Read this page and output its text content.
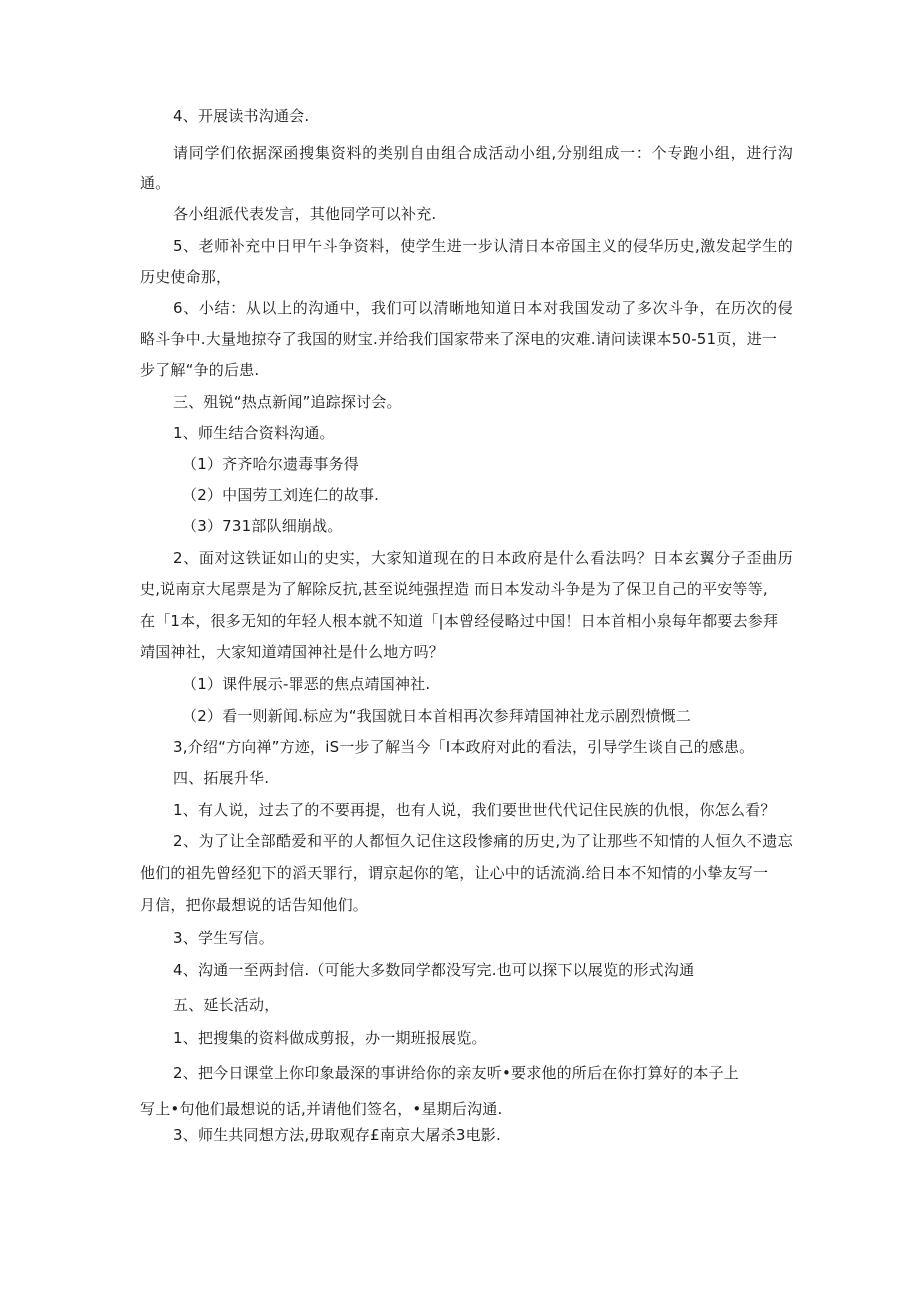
4、开展读书沟通会.
请同学们依据深函搜集资料的类别自由组合成活动小组,分别组成一：个专跑小组，进行沟
通。
各小组派代表发言，其他同学可以补充.
5、老师补充中日甲午斗争资料，使学生进一步认清日本帝国主义的侵华历史,激发起学生的
历史使命那，
6、小结：从以上的沟通中，我们可以清晰地知道日本对我国发动了多次斗争，在历次的侵
略斗争中.大量地掠夺了我国的财宝.并给我们国家带来了深电的灾难.请问读课本50-51页，进一
步了解“争的后患.
三、殂锐“热点新闻”追踪探讨会。
1、师生结合资料沟通。
（1）齐齐哈尔遗毒事务得
（2）中国劳工刘连仁的故事.
（3）731部队细崩战。
2、面对这铁证如山的史实，大家知道现在的日本政府是什么看法吗？日本玄翼分子歪曲历
史,说南京大尾票是为了解除反抗,甚至说纯强捏造 而日本发动斗争是为了保卫自己的平安等等,
在「1本，很多无知的年轻人根本就不知道「|本曾经侵略过中国！日本首相小泉每年都要去参拜
靖国神社，大家知道靖国神社是什么地方吗？
（1）课件展示-罪恶的焦点靖国神社.
（2）看一则新闻.标应为“我国就日本首相再次参拜靖国神社龙示剧烈愤慨二
3,介绍“方向禅”方迹，iS一步了解当今「I本政府对此的看法，引导学生谈自己的感患。
四、拓展升华.
1、有人说，过去了的不要再提，也有人说，我们要世世代代记住民族的仇恨，你怎么看？
2、为了让全部酷爱和平的人都恒久记住这段惨痛的历史,为了让那些不知情的人恒久不遗忘
他们的祖先曾经犯下的滔天罪行，谓京起你的笔，让心中的话流淌.给日本不知情的小挚友写一
月信，把你最想说的话告知他们。
3、学生写信。
4、沟通一至两封信.（可能大多数同学都没写完.也可以探下以展览的形式沟通
五、延长活动，
1、把搜集的资料做成剪报，办一期班报展览。
2、把今日课堂上你印象最深的事讲给你的亲友听•要求他的所后在你打算好的本子上
写上•句他们最想说的话,并请他们签名，•星期后沟通.
3、师生共同想方法,毋取观存£南京大屠杀3电影.
